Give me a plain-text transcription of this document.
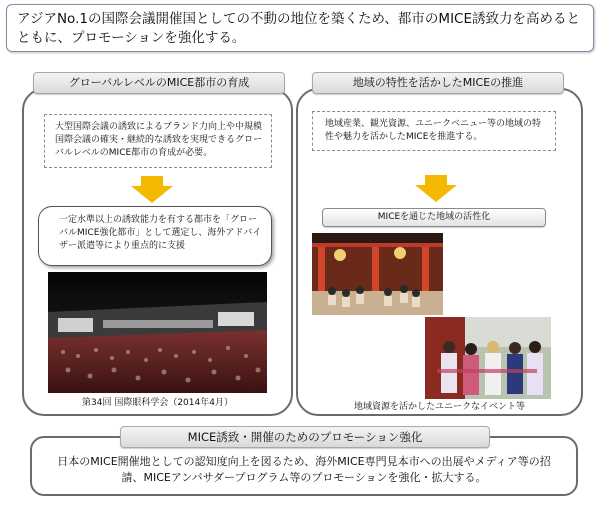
アジアNo.1の国際会議開催国としての不動の地位を築くため、都市のMICE誘致力を高めるとともに、プロモーションを強化する。
グローバルレベルのMICE都市の育成
大型国際会議の誘致によるブランド力向上や中規模国際会議の確実・継続的な誘致を実現できるグローバルレベルのMICE都市の育成が必要。
一定水準以上の誘致能力を有する都市を「グローバルMICE強化都市」として選定し、海外アドバイザー派遣等により重点的に支援
第34回 国際眼科学会（2014年4月）
地域の特性を活かしたMICEの推進
地域産業、観光資源、ユニークベニュー等の地域の特性や魅力を活かしたMICEを推進する。
MICEを通じた地域の活性化
地域資源を活かしたユニークなイベント等
MICE誘致・開催のためのプロモーション強化
日本のMICE開催地としての認知度向上を図るため、海外MICE専門見本市への出展やメディア等の招請、MICEアンバサダープログラム等のプロモーションを強化・拡大する。
